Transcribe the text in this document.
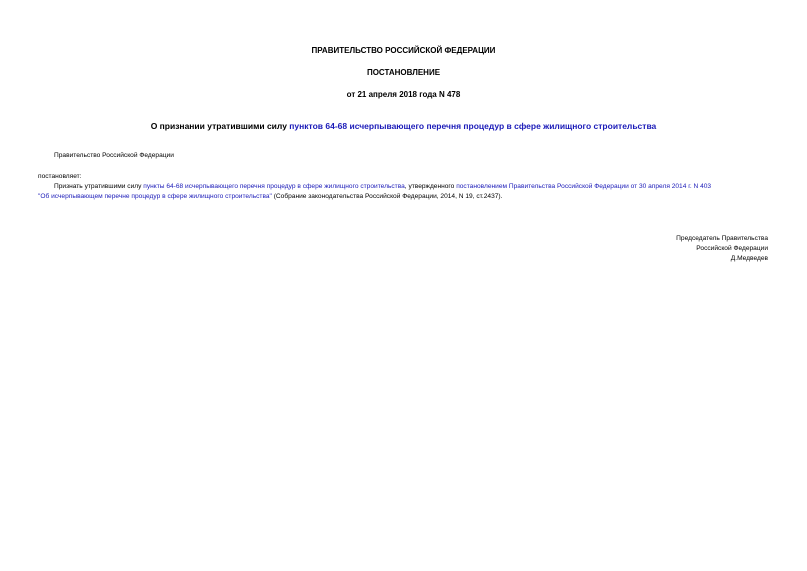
ПРАВИТЕЛЬСТВО РОССИЙСКОЙ ФЕДЕРАЦИИ
ПОСТАНОВЛЕНИЕ
от 21 апреля 2018 года N 478
О признании утратившими силу пунктов 64-68 исчерпывающего перечня процедур в сфере жилищного строительства
Правительство Российской Федерации
постановляет:
Признать утратившими силу пункты 64-68 исчерпывающего перечня процедур в сфере жилищного строительства, утвержденного постановлением Правительства Российской Федерации от 30 апреля 2014 г. N 403
"Об исчерпывающем перечне процедур в сфере жилищного строительства" (Собрание законодательства Российской Федерации, 2014, N 19, ст.2437).
Председатель Правительства
Российской Федерации
Д.Медведев
